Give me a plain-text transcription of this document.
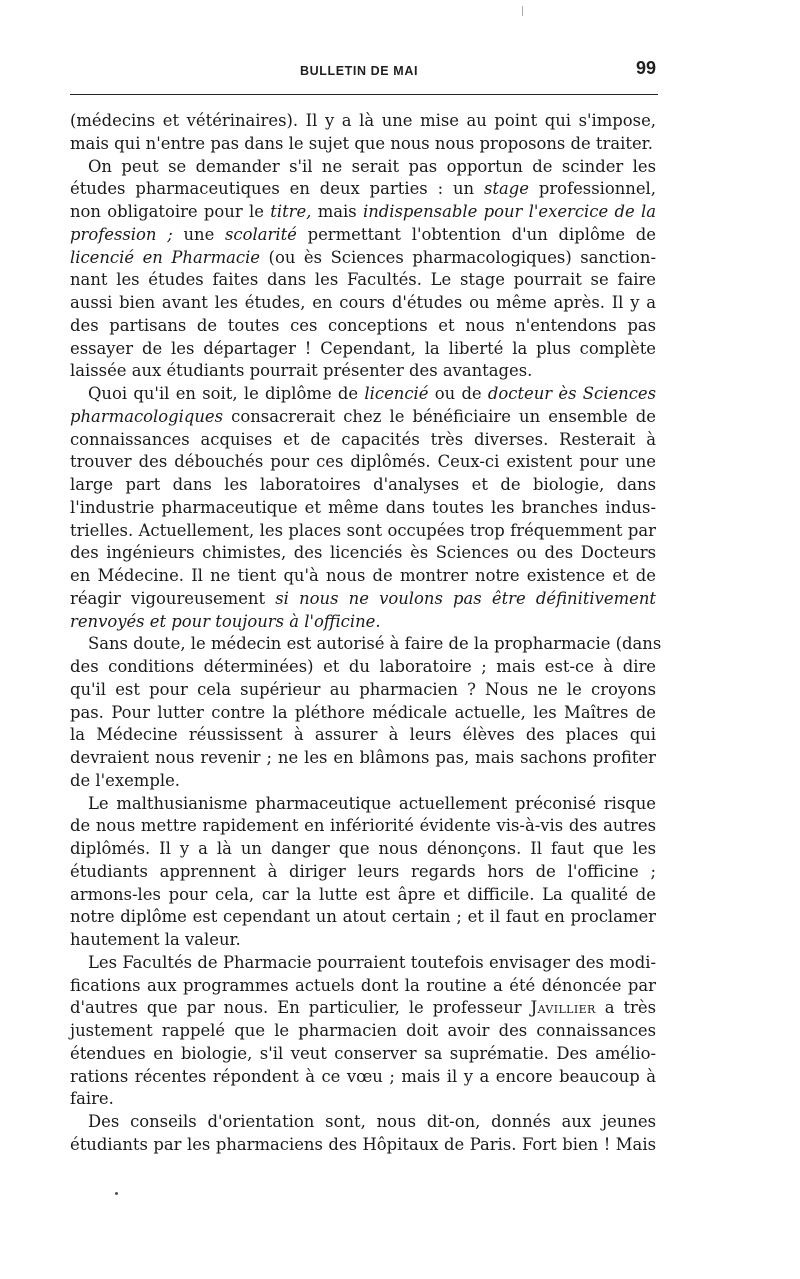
BULLETIN DE MAI	99
(médecins et vétérinaires). Il y a là une mise au point qui s'impose,
mais qui n'entre pas dans le sujet que nous nous proposons de traiter.
On peut se demander s'il ne serait pas opportun de scinder les
études pharmaceutiques en deux parties : un stage professionnel,
non obligatoire pour le titre, mais indispensable pour l'exercice de la
profession ; une scolarité permettant l'obtention d'un diplôme de
licencié en Pharmacie (ou ès Sciences pharmacologiques) sanction-
nant les études faites dans les Facultés. Le stage pourrait se faire
aussi bien avant les études, en cours d'études ou même après. Il y a
des partisans de toutes ces conceptions et nous n'entendons pas
essayer de les départager ! Cependant, la liberté la plus complète
laissée aux étudiants pourrait présenter des avantages.
Quoi qu'il en soit, le diplôme de licencié ou de docteur ès Sciences
pharmacologiques consacrerait chez le bénéficiaire un ensemble de
connaissances acquises et de capacités très diverses. Resterait à
trouver des débouchés pour ces diplômés. Ceux-ci existent pour une
large part dans les laboratoires d'analyses et de biologie, dans
l'industrie pharmaceutique et même dans toutes les branches indus-
trielles. Actuellement, les places sont occupées trop fréquemment par
des ingénieurs chimistes, des licenciés ès Sciences ou des Docteurs
en Médecine. Il ne tient qu'à nous de montrer notre existence et de
réagir vigoureusement si nous ne voulons pas être définitivement
renvoyés et pour toujours à l'officine.
Sans doute, le médecin est autorisé à faire de la propharmacie (dans
des conditions déterminées) et du laboratoire ; mais est-ce à dire
qu'il est pour cela supérieur au pharmacien ? Nous ne le croyons
pas. Pour lutter contre la pléthore médicale actuelle, les Maîtres de
la Médecine réussissent à assurer à leurs élèves des places qui
devraient nous revenir ; ne les en blâmons pas, mais sachons profiter
de l'exemple.
Le malthusianisme pharmaceutique actuellement préconisé risque
de nous mettre rapidement en infériorité évidente vis-à-vis des autres
diplômés. Il y a là un danger que nous dénonçons. Il faut que les
étudiants apprennent à diriger leurs regards hors de l'officine ;
armons-les pour cela, car la lutte est âpre et difficile. La qualité de
notre diplôme est cependant un atout certain ; et il faut en proclamer
hautement la valeur.
Les Facultés de Pharmacie pourraient toutefois envisager des modi-
fications aux programmes actuels dont la routine a été dénoncée par
d'autres que par nous. En particulier, le professeur Javillier a très
justement rappelé que le pharmacien doit avoir des connaissances
étendues en biologie, s'il veut conserver sa suprématie. Des amélio-
rations récentes répondent à ce vœu ; mais il y a encore beaucoup à
faire.
Des conseils d'orientation sont, nous dit-on, donnés aux jeunes
étudiants par les pharmaciens des Hôpitaux de Paris. Fort bien ! Mais
